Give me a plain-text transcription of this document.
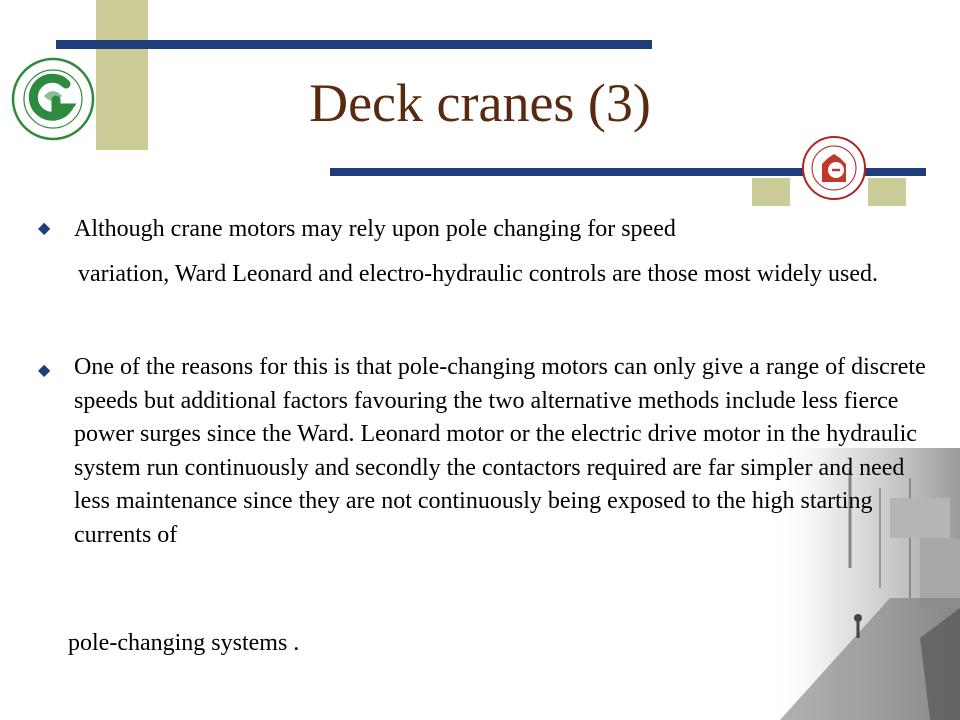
Deck cranes (3)
◆ Although crane motors may rely upon pole changing for speed
variation, Ward Leonard and electro-hydraulic controls are those most widely used.
◆ One of the reasons for this is that pole-changing motors can only give a range of discrete speeds but additional factors favouring the two alternative methods include less fierce power surges since the Ward. Leonard motor or the electric drive motor in the hydraulic system run continuously and secondly the contactors required are far simpler and need less maintenance since they are not continuously being exposed to the high starting currents of
pole-changing systems .
